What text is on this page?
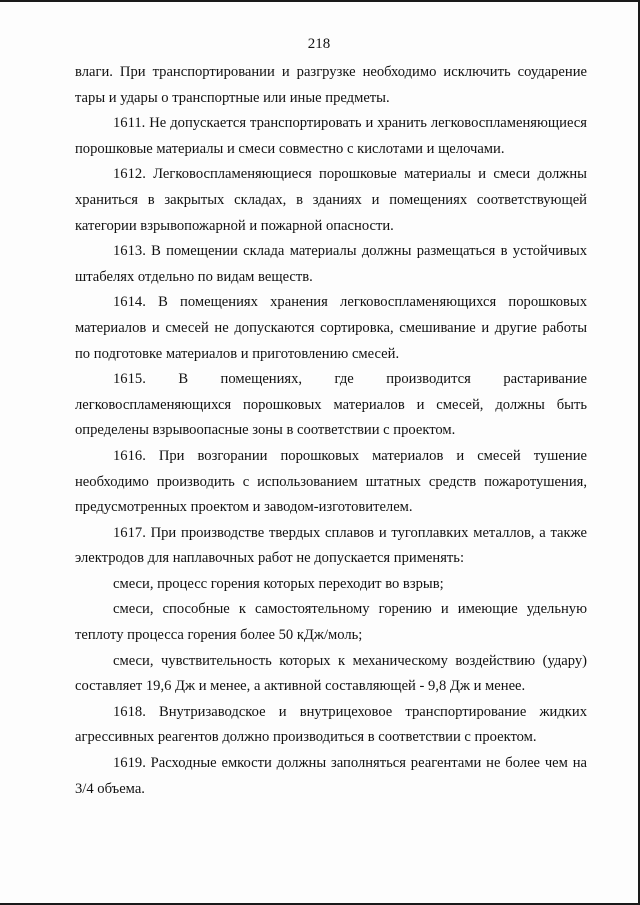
218

влаги. При транспортировании и разгрузке необходимо исключить соударение тары и удары о транспортные или иные предметы.

1611. Не допускается транспортировать и хранить легковоспламеняющиеся порошковые материалы и смеси совместно с кислотами и щелочами.

1612. Легковоспламеняющиеся порошковые материалы и смеси должны храниться в закрытых складах, в зданиях и помещениях соответствующей категории взрывопожарной и пожарной опасности.

1613. В помещении склада материалы должны размещаться в устойчивых штабелях отдельно по видам веществ.

1614. В помещениях хранения легковоспламеняющихся порошковых материалов и смесей не допускаются сортировка, смешивание и другие работы по подготовке материалов и приготовлению смесей.

1615. В помещениях, где производится растаривание легковоспламеняющихся порошковых материалов и смесей, должны быть определены взрывоопасные зоны в соответствии с проектом.

1616. При возгорании порошковых материалов и смесей тушение необходимо производить с использованием штатных средств пожаротушения, предусмотренных проектом и заводом-изготовителем.

1617. При производстве твердых сплавов и тугоплавких металлов, а также электродов для наплавочных работ не допускается применять:

смеси, процесс горения которых переходит во взрыв;

смеси, способные к самостоятельному горению и имеющие удельную теплоту процесса горения более 50 кДж/моль;

смеси, чувствительность которых к механическому воздействию (удару) составляет 19,6 Дж и менее, а активной составляющей - 9,8 Дж и менее.

1618. Внутризаводское и внутрицеховое транспортирование жидких агрессивных реагентов должно производиться в соответствии с проектом.

1619. Расходные емкости должны заполняться реагентами не более чем на 3/4 объема.
